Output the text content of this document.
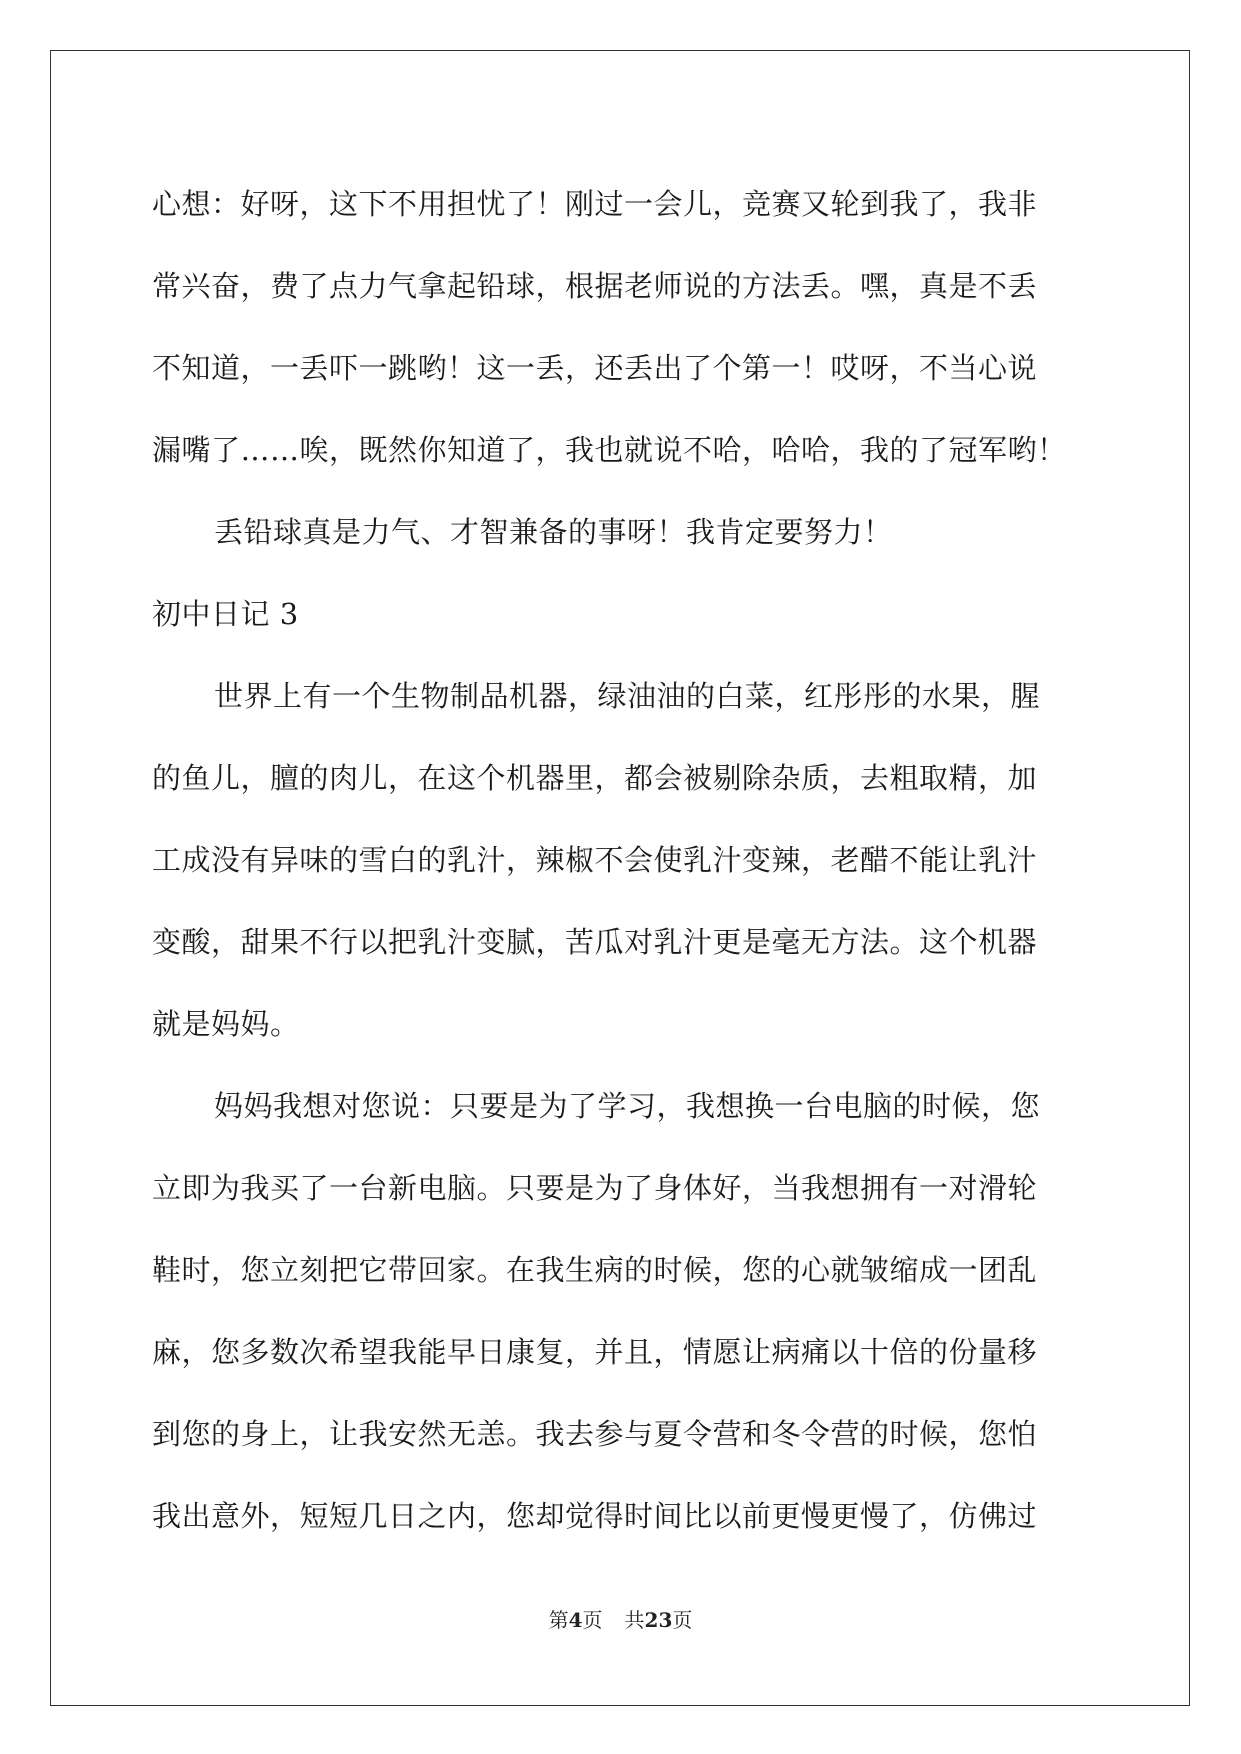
心想：好呀，这下不用担忧了！刚过一会儿，竞赛又轮到我了，我非
常兴奋，费了点力气拿起铅球，根据老师说的方法丢。嘿，真是不丢
不知道，一丢吓一跳哟！这一丢，还丢出了个第一！哎呀，不当心说
漏嘴了……唉，既然你知道了，我也就说不哈，哈哈，我的了冠军哟！
丢铅球真是力气、才智兼备的事呀！我肯定要努力！
初中日记 3
世界上有一个生物制品机器，绿油油的白菜，红彤彤的水果，腥
的鱼儿，膻的肉儿，在这个机器里，都会被剔除杂质，去粗取精，加
工成没有异味的雪白的乳汁，辣椒不会使乳汁变辣，老醋不能让乳汁
变酸，甜果不行以把乳汁变腻，苦瓜对乳汁更是毫无方法。这个机器
就是妈妈。
妈妈我想对您说：只要是为了学习，我想换一台电脑的时候，您
立即为我买了一台新电脑。只要是为了身体好，当我想拥有一对滑轮
鞋时，您立刻把它带回家。在我生病的时候，您的心就皱缩成一团乱
麻，您多数次希望我能早日康复，并且，情愿让病痛以十倍的份量移
到您的身上，让我安然无恙。我去参与夏令营和冬令营的时候，您怕
我出意外，短短几日之内，您却觉得时间比以前更慢更慢了，仿佛过
第4页 共23页
